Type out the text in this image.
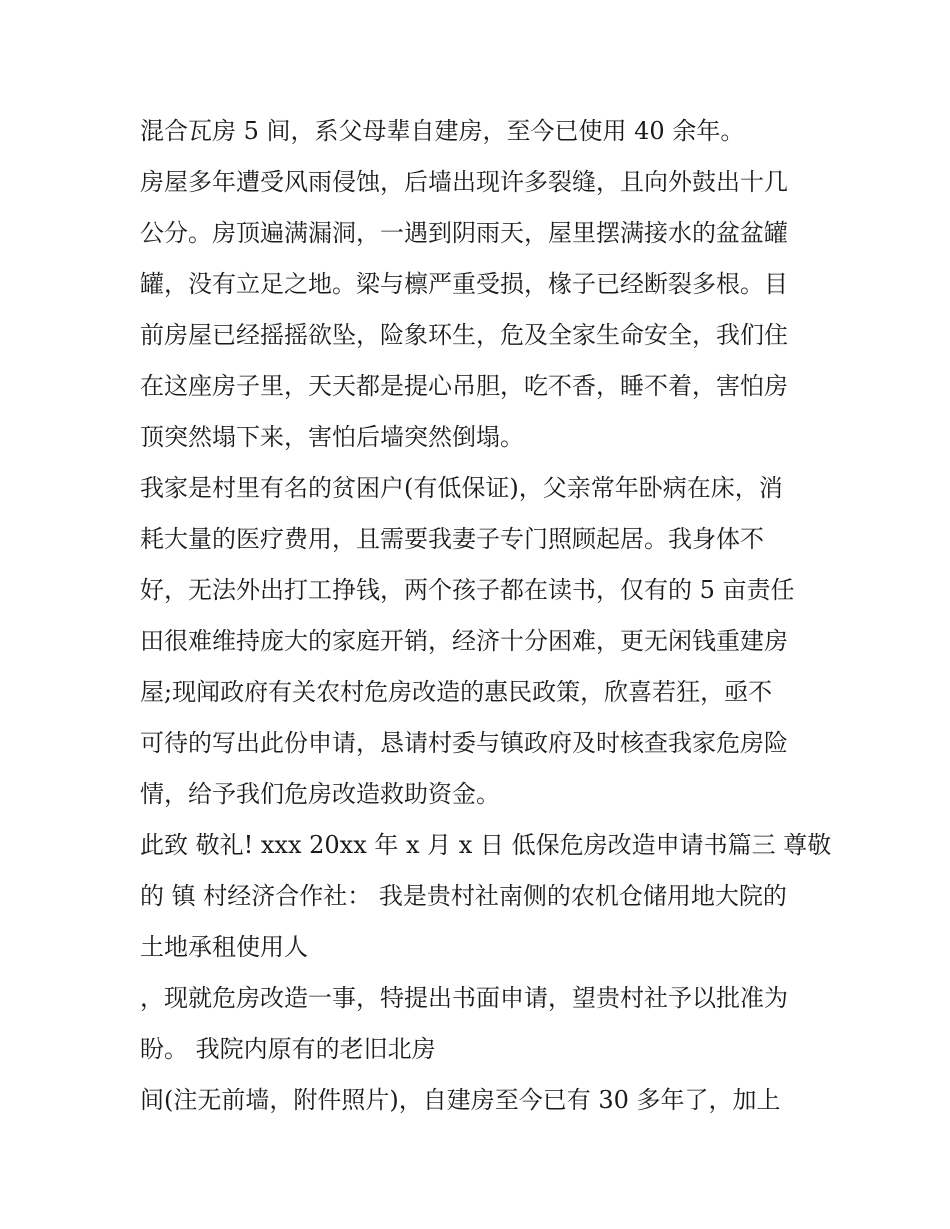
混合瓦房 5 间，系父母辈自建房，至今已使用 40 余年。

房屋多年遭受风雨侵蚀，后墙出现许多裂缝，且向外鼓出十几
公分。房顶遍满漏洞，一遇到阴雨天，屋里摆满接水的盆盆罐
罐，没有立足之地。梁与檩严重受损，椽子已经断裂多根。目
前房屋已经摇摇欲坠，险象环生，危及全家生命安全，我们住
在这座房子里，天天都是提心吊胆，吃不香，睡不着，害怕房
顶突然塌下来，害怕后墙突然倒塌。

我家是村里有名的贫困户(有低保证)，父亲常年卧病在床，消
耗大量的医疗费用，且需要我妻子专门照顾起居。我身体不
好，无法外出打工挣钱，两个孩子都在读书，仅有的 5 亩责任
田很难维持庞大的家庭开销，经济十分困难，更无闲钱重建房
屋;现闻政府有关农村危房改造的惠民政策，欣喜若狂，亟不
可待的写出此份申请，恳请村委与镇政府及时核查我家危房险
情，给予我们危房改造救助资金。

此致 敬礼! xxx 20xx 年 x 月 x 日 低保危房改造申请书篇三 尊敬
的 镇 村经济合作社： 我是贵村社南侧的农机仓储用地大院的
土地承租使用人

，现就危房改造一事，特提出书面申请，望贵村社予以批准为
盼。 我院内原有的老旧北房

间(注无前墙，附件照片)，自建房至今已有 30 多年了，加上
